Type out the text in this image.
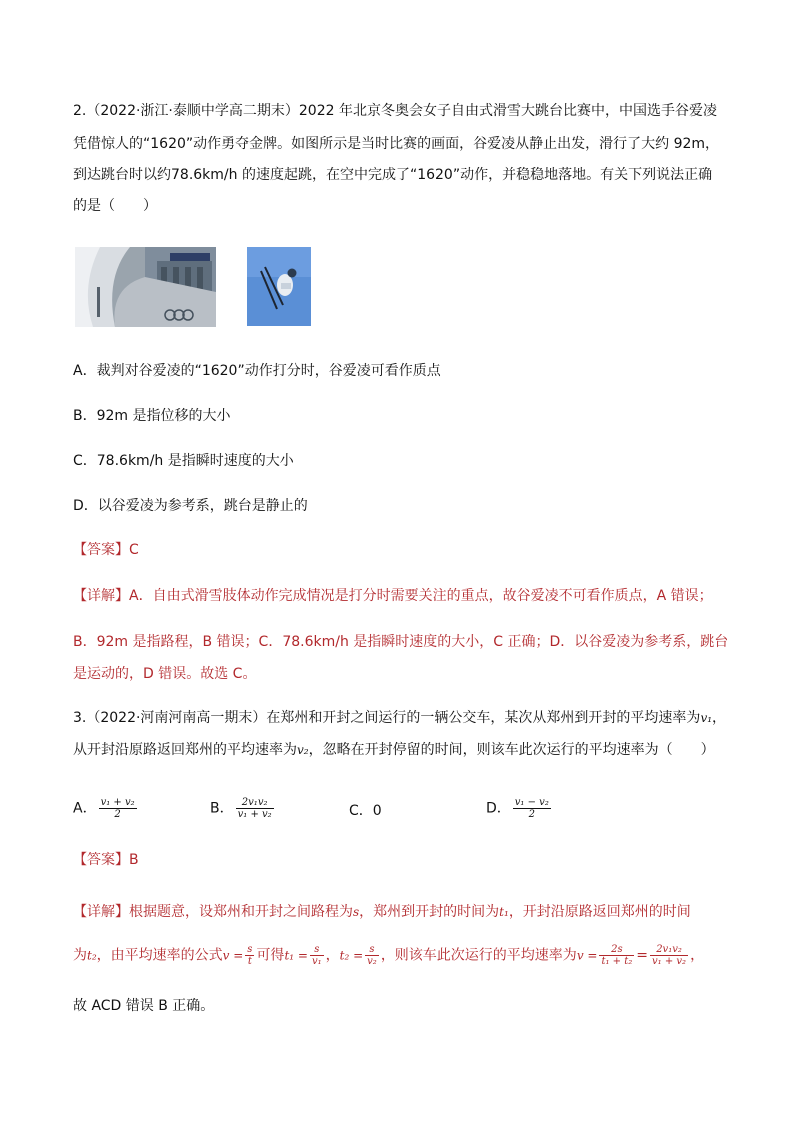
2.（2022·浙江·泰顺中学高二期末）2022 年北京冬奥会女子自由式滑雪大跳台比赛中，中国选手谷爱凌
凭借惊人的“1620”动作勇夺金牌。如图所示是当时比赛的画面，谷爱凌从静止出发，滑行了大约 92m，
到达跳台时以约78.6km/h 的速度起跳，在空中完成了“1620”动作，并稳稳地落地。有关下列说法正确
的是（　　）
A．裁判对谷爱凌的“1620”动作打分时，谷爱凌可看作质点
B．92m 是指位移的大小
C．78.6km/h 是指瞬时速度的大小
D．以谷爱凌为参考系，跳台是静止的
【答案】C
【详解】A．自由式滑雪肢体动作完成情况是打分时需要关注的重点，故谷爱凌不可看作质点，A 错误；
B．92m 是指路程，B 错误；C．78.6km/h 是指瞬时速度的大小，C 正确；D．以谷爱凌为参考系，跳台
是运动的，D 错误。故选 C。
3.（2022·河南河南高一期末）在郑州和开封之间运行的一辆公交车，某次从郑州到开封的平均速率为v₁，
从开封沿原路返回郑州的平均速率为v₂，忽略在开封停留的时间，则该车此次运行的平均速率为（　　）
A． $\frac{\text{v₁ + v₂}}{2}$	B． $\frac{\text{2v₁v₂}}{\text{v₁ + v₂}}$	C．0	D． $\frac{\text{v₁ − v₂}}{2}$
【答案】B
【详解】根据题意，设郑州和开封之间路程为s，郑州到开封的时间为t₁，开封沿原路返回郑州的时间
为t₂，由平均速率的公式$v = \frac{s}{t}$ 可得$t_1 = \frac{s}{\text{v₁}}$ ，$t_2 = \frac{s}{\text{v₂}}$ ，则该车此次运行的平均速率为$v = \frac{2s}{\text{t₁ + t₂}} = \frac{\text{2v₁v₂}}{\text{v₁ + v₂}}$ ，
故 ACD 错误 B 正确。
